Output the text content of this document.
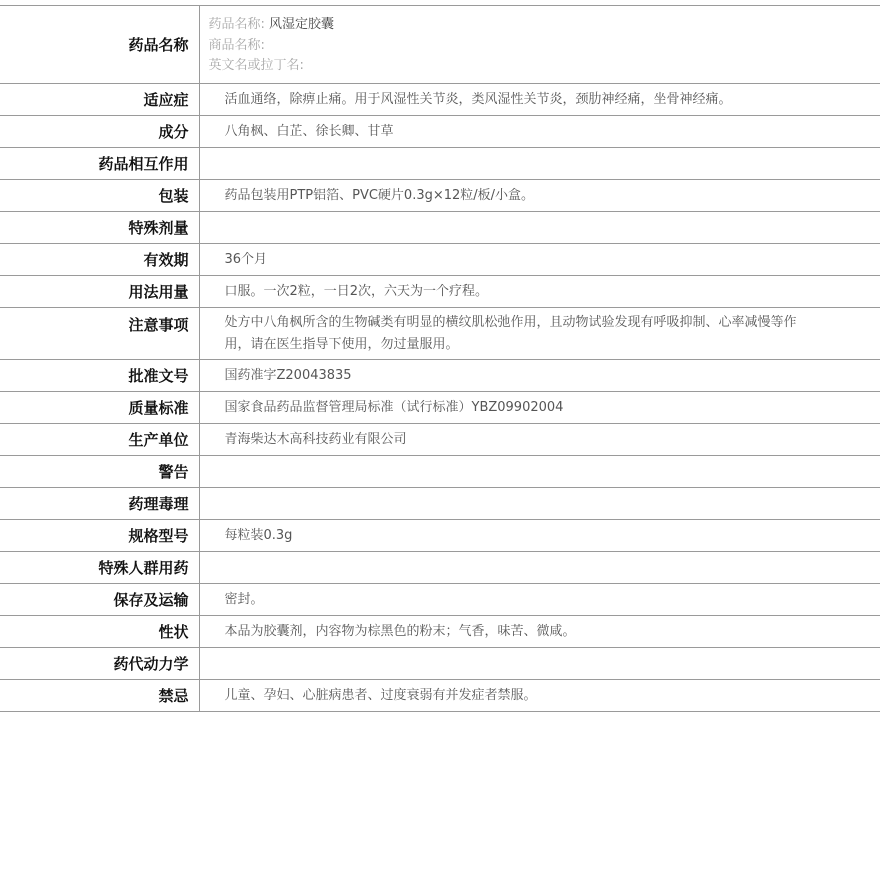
药品名称	药品名称: 风湿定胶囊
商品名称:
英文名或拉丁名:

适应症	活血通络，除痹止痛。用于风湿性关节炎，类风湿性关节炎，颈肋神经痛，坐骨神经痛。
成分	八角枫、白芷、徐长卿、甘草
药品相互作用	
包装	药品包装用PTP铝箔、PVC硬片0.3g×12粒/板/小盒。
特殊剂量	
有效期	36个月
用法用量	口服。一次2粒，一日2次，六天为一个疗程。
注意事项	处方中八角枫所含的生物碱类有明显的横纹肌松弛作用，且动物试验发现有呼吸抑制、心率减慢等作用，请在医生指导下使用，勿过量服用。

批准文号	国药准字Z20043835
质量标准	国家食品药品监督管理局标准（试行标准）YBZ09902004
生产单位	青海柴达木高科技药业有限公司
警告	
药理毒理	
规格型号	每粒装0.3g
特殊人群用药	
保存及运输	密封。
性状	本品为胶囊剂，内容物为棕黑色的粉末；气香，味苦、微咸。
药代动力学	
禁忌	儿童、孕妇、心脏病患者、过度衰弱有并发症者禁服。
